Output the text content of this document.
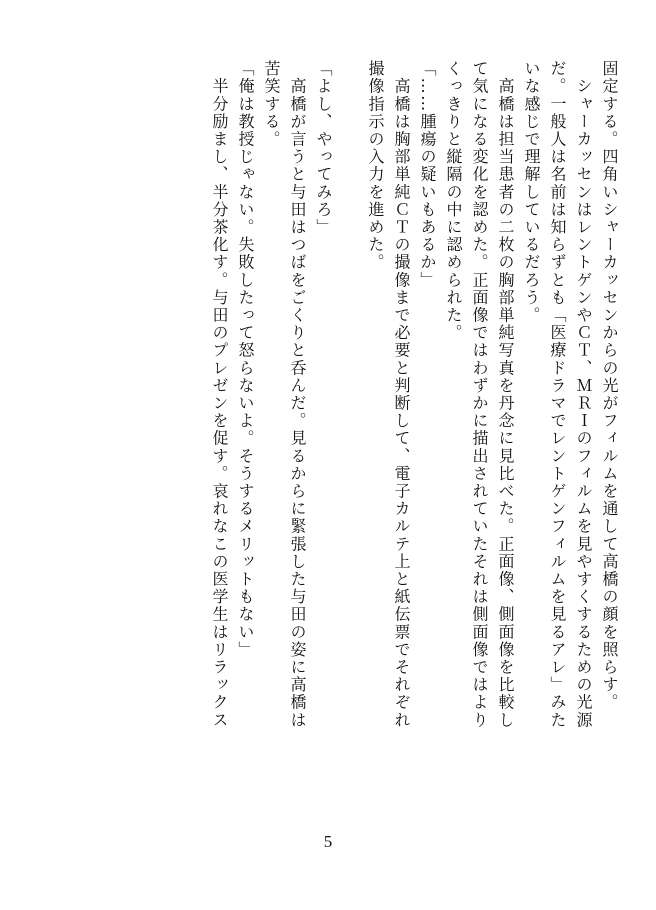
固定する。四角いシャーカッセンからの光がフィルムを通して高橋の顔を照らす。

　シャーカッセンはレントゲンやＣＴ、ＭＲＩのフィルムを見やすくするための光源

だ。一般人は名前は知らずとも「医療ドラマでレントゲンフィルムを見るアレ」みた

いな感じで理解しているだろう。

　高橋は担当患者の二枚の胸部単純写真を丹念に見比べた。正面像、側面像を比較し

て気になる変化を認めた。正面像ではわずかに描出されていたそれは側面像ではより

くっきりと縦隔の中に認められた。

「……腫瘍の疑いもあるか」

　高橋は胸部単純ＣＴの撮像まで必要と判断して、電子カルテ上と紙伝票でそれぞれ

撮像指示の入力を進めた。

「よし、やってみろ」

　高橋が言うと与田はつばをごくりと呑んだ。見るからに緊張した与田の姿に高橋は

苦笑する。

「俺は教授じゃない。失敗したって怒らないよ。そうするメリットもない」

　半分励まし、半分茶化す。与田のプレゼンを促す。哀れなこの医学生はリラックス

5
